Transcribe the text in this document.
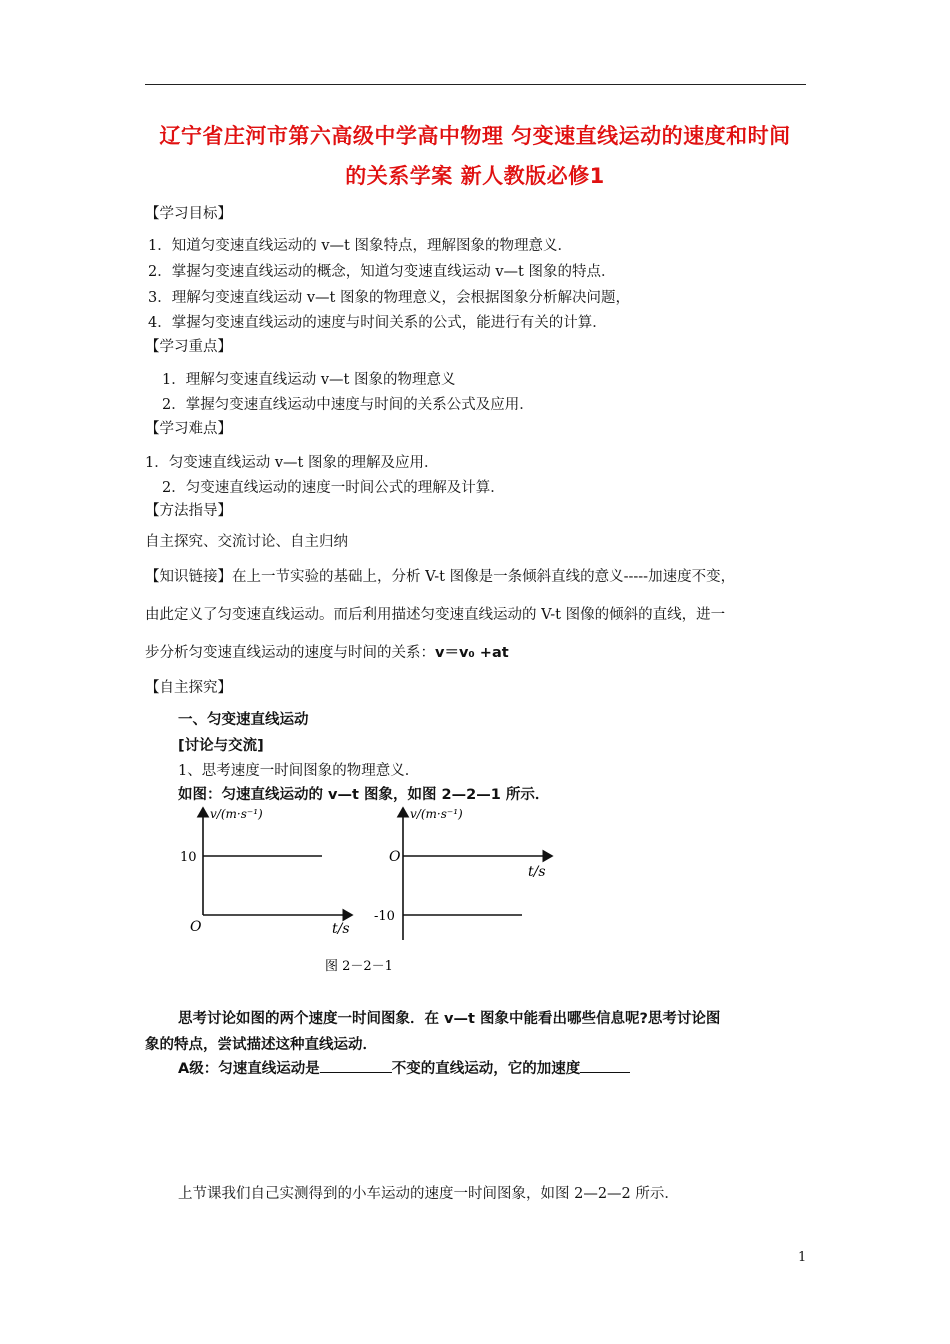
辽宁省庄河市第六高级中学高中物理 匀变速直线运动的速度和时间
的关系学案 新人教版必修1
【学习目标】
1．知道匀变速直线运动的 v—t 图象特点，理解图象的物理意义．
2．掌握匀变速直线运动的概念，知道匀变速直线运动 v—t 图象的特点．
3．理解匀变速直线运动 v—t 图象的物理意义，会根据图象分析解决问题，
4．掌握匀变速直线运动的速度与时间关系的公式，能进行有关的计算．
【学习重点】
1．理解匀变速直线运动 v—t 图象的物理意义
2．掌握匀变速直线运动中速度与时间的关系公式及应用．
【学习难点】
1．匀变速直线运动 v—t 图象的理解及应用．
2．匀变速直线运动的速度一时间公式的理解及计算．
【方法指导】
自主探究、交流讨论、自主归纳
【知识链接】在上一节实验的基础上，分析 V-t 图像是一条倾斜直线的意义-----加速度不变，
由此定义了匀变速直线运动。而后利用描述匀变速直线运动的 V-t 图像的倾斜的直线，进一
步分析匀变速直线运动的速度与时间的关系：v＝v₀ +at
【自主探究】
一、匀变速直线运动
[讨论与交流]
1、思考速度一时间图象的物理意义．
如图：匀速直线运动的 v—t 图象，如图 2—2—1 所示．
v/(m·s⁻¹)
10
O	t/s
v/(m·s⁻¹)
O
t/s
-10
图 2－2－1
思考讨论如图的两个速度一时间图象．在 v—t 图象中能看出哪些信息呢?思考讨论图
象的特点，尝试描述这种直线运动．
A级：匀速直线运动是	不变的直线运动，它的加速度
上节课我们自己实测得到的小车运动的速度一时间图象，如图 2—2—2 所示．
1
